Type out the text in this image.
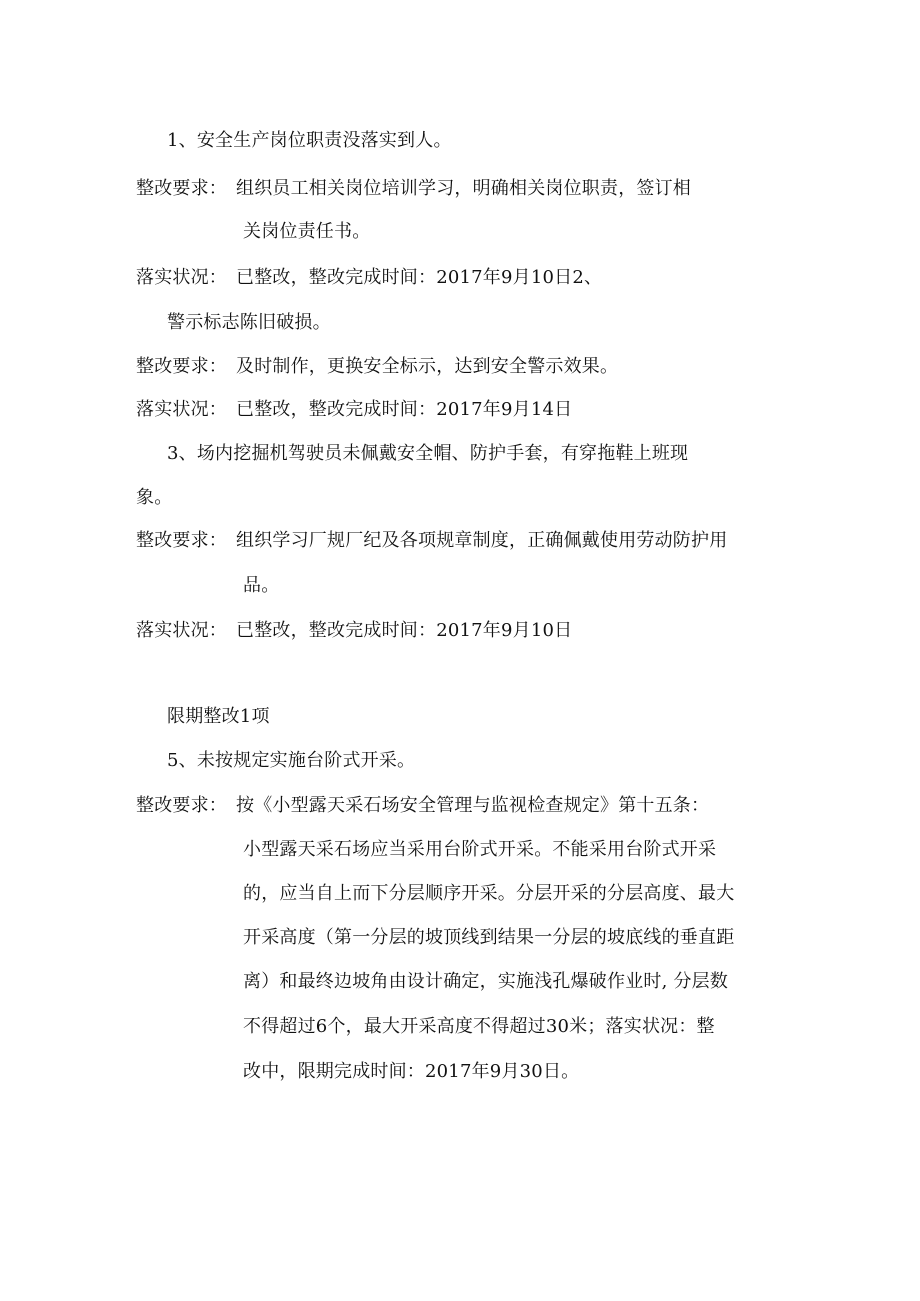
1、安全生产岗位职责没落实到人。
整改要求： 组织员工相关岗位培训学习，明确相关岗位职责，签订相
关岗位责任书。
落实状况： 已整改，整改完成时间：2017年9月10日2、
警示标志陈旧破损。
整改要求： 及时制作，更换安全标示，达到安全警示效果。
落实状况： 已整改，整改完成时间：2017年9月14日
3、场内挖掘机驾驶员未佩戴安全帽、防护手套，有穿拖鞋上班现
象。
整改要求： 组织学习厂规厂纪及各项规章制度，正确佩戴使用劳动防护用
品。
落实状况： 已整改，整改完成时间：2017年9月10日
限期整改1项
5、未按规定实施台阶式开采。
整改要求： 按《小型露天采石场安全管理与监视检查规定》第十五条：
小型露天采石场应当采用台阶式开采。不能采用台阶式开采
的，应当自上而下分层顺序开采。分层开采的分层高度、最大
开采高度（第一分层的坡顶线到结果一分层的坡底线的垂直距
离）和最终边坡角由设计确定，实施浅孔爆破作业时, 分层数
不得超过6个，最大开采高度不得超过30米；落实状况：整
改中，限期完成时间：2017年9月30日。
